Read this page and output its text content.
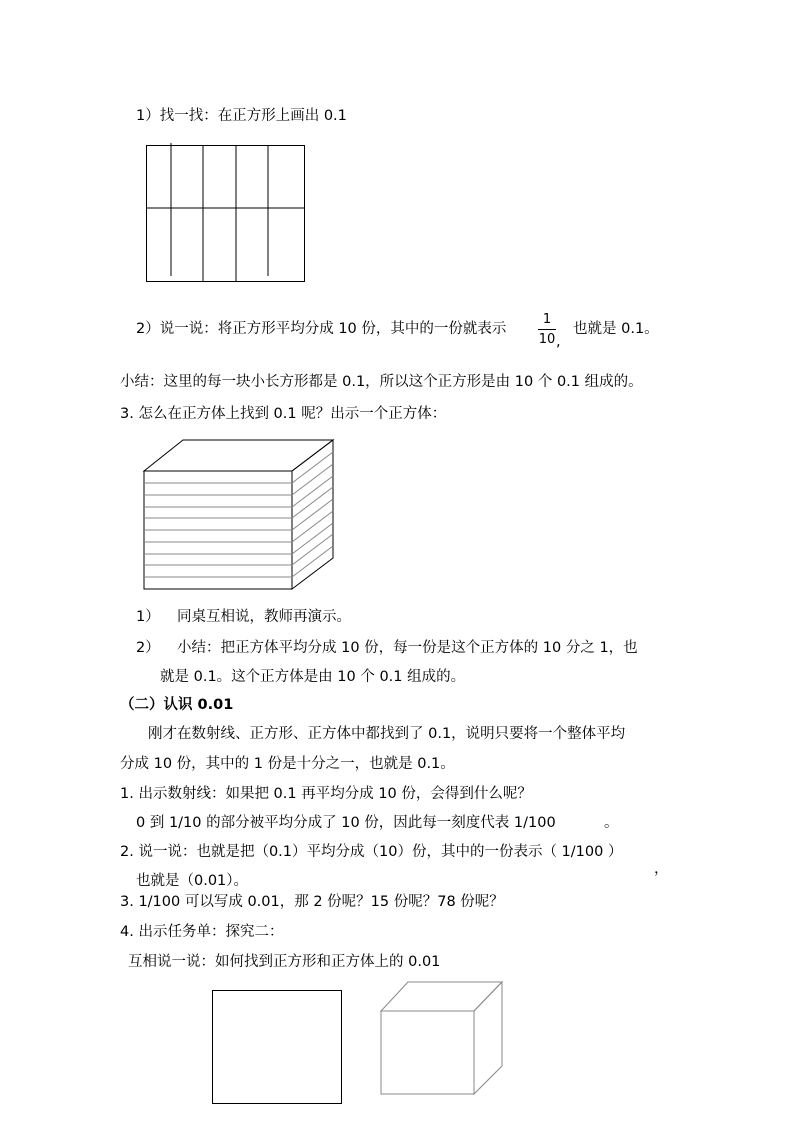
1）找一找：在正方形上画出 0.1
2）说一说：将正方形平均分成 10 份，其中的一份就表示
1
10 ,
也就是 0.1。
小结：这里的每一块小长方形都是 0.1，所以这个正方形是由 10 个 0.1 组成的。
3. 怎么在正方体上找到 0.1 呢？出示一个正方体：
1） 同桌互相说，教师再演示。
2） 小结：把正方体平均分成 10 份，每一份是这个正方体的 10 分之 1，也
就是 0.1。这个正方体是由 10 个 0.1 组成的。
（二）认识 0.01
刚才在数射线、正方形、正方体中都找到了 0.1，说明只要将一个整体平均
分成 10 份，其中的 1 份是十分之一，也就是 0.1。
1. 出示数射线：如果把 0.1 再平均分成 10 份，会得到什么呢？
0 到 1/10 的部分被平均分成了 10 份，因此每一刻度代表 1/100	。
2. 说一说：也就是把（0.1）平均分成（10）份，其中的一份表示（ 1/100 ）
，
也就是（0.01）。
3. 1/100 可以写成 0.01，那 2 份呢？15 份呢？78 份呢？
4. 出示任务单：探究二：
互相说一说：如何找到正方形和正方体上的 0.01
